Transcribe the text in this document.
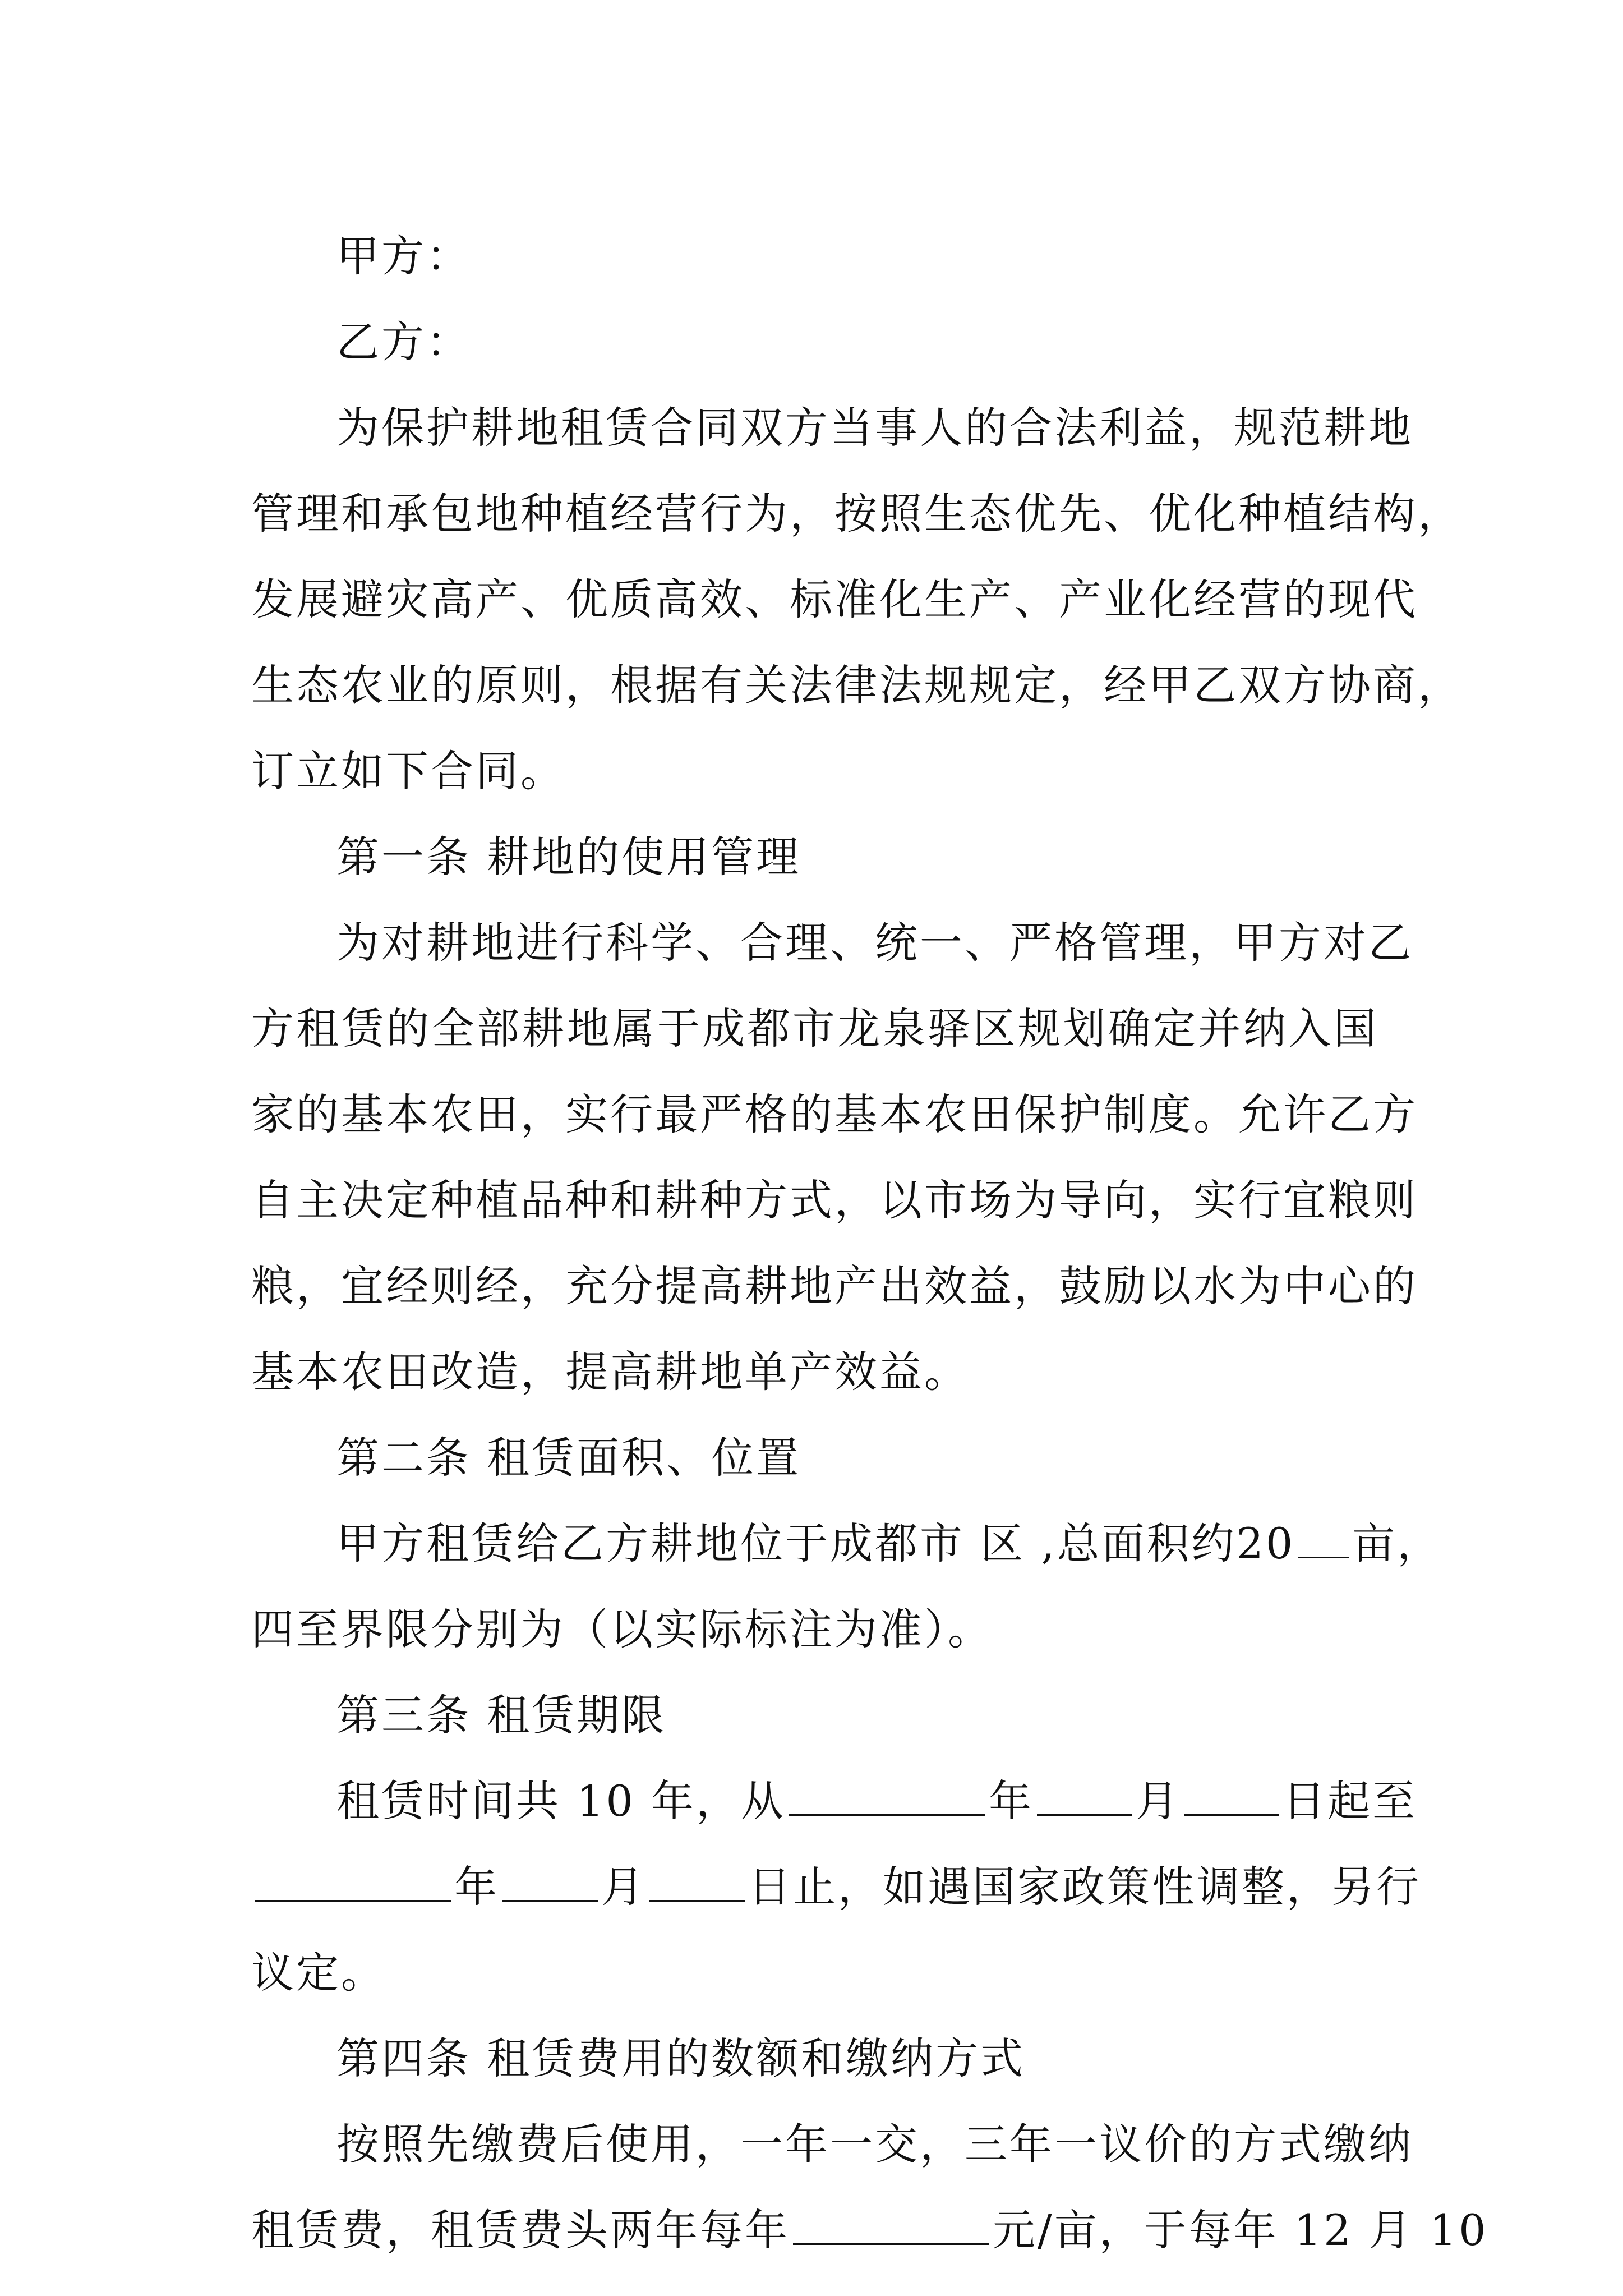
甲方：
乙方：
为 保 护 耕 地 租 赁 合 同 双 方 当 事 人 的 合 法 利 益 ， 规 范 耕 地
管 理 和 承 包 地 种 植 经 营 行 为 ， 按 照 生 态 优 先 、 优 化 种 植 结 构 ，
发 展 避 灾 高 产 、 优 质 高 效 、 标 准 化 生 产 、 产 业 化 经 营 的 现 代
生 态 农 业 的 原 则 ， 根 据 有 关 法 律 法 规 规 定 ， 经 甲 乙 双 方 协 商 ，
订立如下合同。
第一条 耕地的使用管理
为 对 耕 地 进 行 科 学 、 合 理 、 统 一 、 严 格 管 理 ， 甲 方 对 乙
方 租 赁 的 全 部 耕 地 属 于 成 都 市 龙 泉 驿 区 规 划 确 定 并 纳 入 国
家 的 基 本 农 田 ， 实 行 最 严 格 的 基 本 农 田 保 护 制 度 。 允 许 乙 方
自 主 决 定 种 植 品 种 和 耕 种 方 式 ， 以 市 场 为 导 向 ， 实 行 宜 粮 则
粮 ， 宜 经 则 经 ， 充 分 提 高 耕 地 产 出 效 益 ， 鼓 励 以 水 为 中 心 的
基本农田改造，提高耕地单产效益。
第二条 租赁面积、位置
甲方租赁给乙方耕地位于成都市 区 ,总面积约20 亩，
四至界限分别为（以实际标注为准）。
第三条 租赁期限
租赁时间共 10 年，从	年 月 日起至
年 月 日止，如遇国家政策性调整，另行
议定。
第四条 租赁费用的数额和缴纳方式
按 照 先 缴 费 后 使 用 ， 一 年 一 交 ， 三 年 一 议 价 的 方 式 缴 纳
租赁费，租赁费头两年每年	元/亩，于每年 12 月 10
